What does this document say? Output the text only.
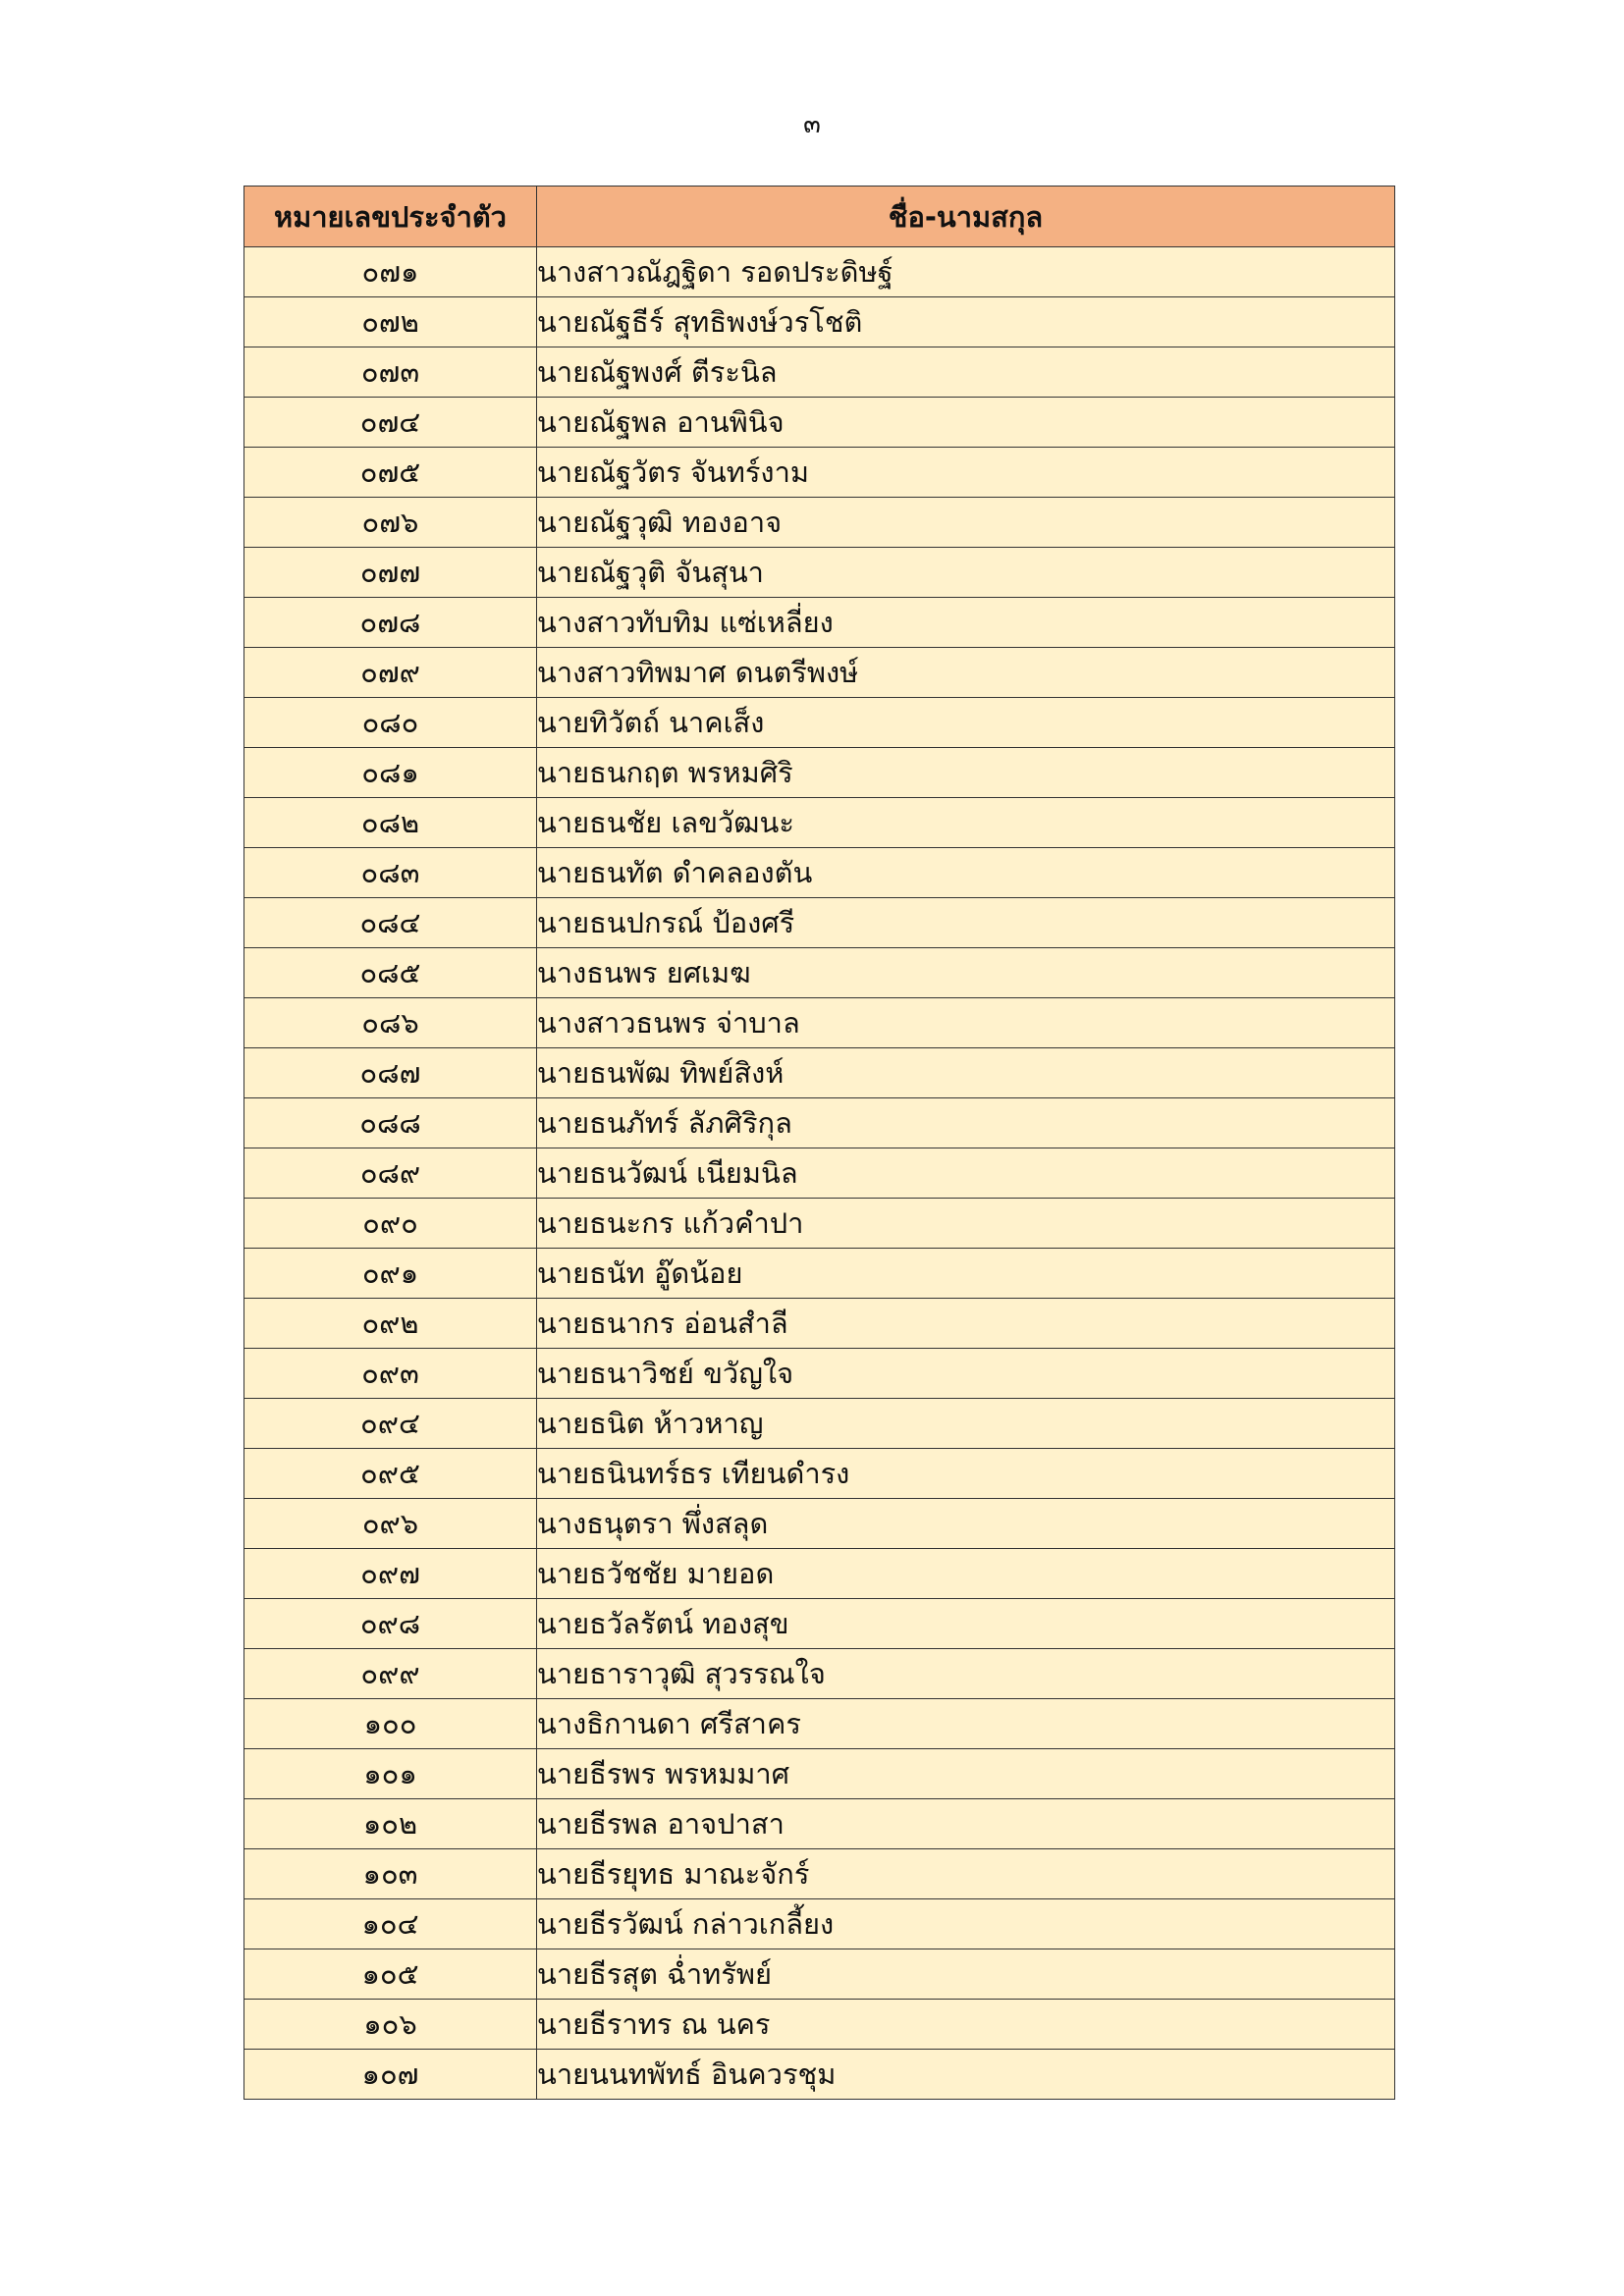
๓
หมายเลขประจำตัว	ชื่อ-นามสกุล
๐๗๑	นางสาวณัฎฐิดา รอดประดิษฐ์
๐๗๒	นายณัฐธีร์ สุทธิพงษ์วรโชติ
๐๗๓	นายณัฐพงศ์ ตีระนิล
๐๗๔	นายณัฐพล อานพินิจ
๐๗๕	นายณัฐวัตร จันทร์งาม
๐๗๖	นายณัฐวุฒิ ทองอาจ
๐๗๗	นายณัฐวุติ จันสุนา
๐๗๘	นางสาวทับทิม แซ่เหลี่ยง
๐๗๙	นางสาวทิพมาศ ดนตรีพงษ์
๐๘๐	นายทิวัตถ์ นาคเส็ง
๐๘๑	นายธนกฤต พรหมศิริ
๐๘๒	นายธนชัย เลขวัฒนะ
๐๘๓	นายธนทัต ดำคลองตัน
๐๘๔	นายธนปกรณ์ ป้องศรี
๐๘๕	นางธนพร ยศเมฆ
๐๘๖	นางสาวธนพร จ่าบาล
๐๘๗	นายธนพัฒ ทิพย์สิงห์
๐๘๘	นายธนภัทร์ ลัภศิริกุล
๐๘๙	นายธนวัฒน์ เนียมนิล
๐๙๐	นายธนะกร แก้วคำปา
๐๙๑	นายธนัท อู๊ดน้อย
๐๙๒	นายธนากร อ่อนสำลี
๐๙๓	นายธนาวิชย์ ขวัญใจ
๐๙๔	นายธนิต ห้าวหาญ
๐๙๕	นายธนินทร์ธร เทียนดำรง
๐๙๖	นางธนุตรา พึ่งสลุด
๐๙๗	นายธวัชชัย มายอด
๐๙๘	นายธวัลรัตน์ ทองสุข
๐๙๙	นายธาราวุฒิ สุวรรณใจ
๑๐๐	นางธิกานดา ศรีสาคร
๑๐๑	นายธีรพร พรหมมาศ
๑๐๒	นายธีรพล อาจปาสา
๑๐๓	นายธีรยุทธ มาณะจักร์
๑๐๔	นายธีรวัฒน์ กล่าวเกลี้ยง
๑๐๕	นายธีรสุต ฉ่ำทรัพย์
๑๐๖	นายธีราทร ณ นคร
๑๐๗	นายนนทพัทธ์ อินควรชุม
